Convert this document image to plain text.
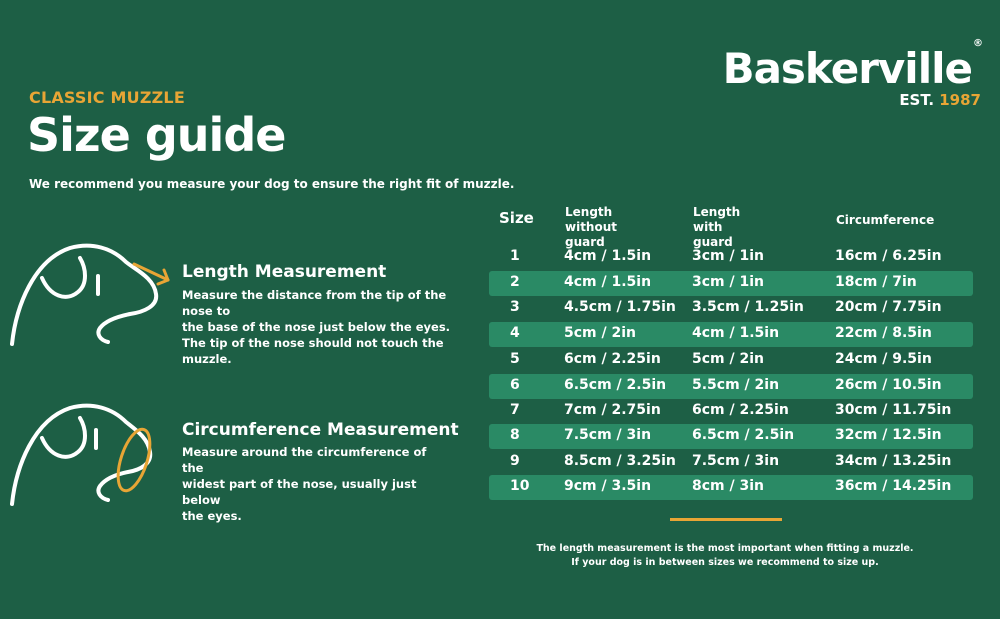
CLASSIC MUZZLE
Size guide
We recommend you measure your dog to ensure the right fit of muzzle.
Baskerville®
EST. 1987
Length Measurement
Measure the distance from the tip of the nose to
the base of the nose just below the eyes.
The tip of the nose should not touch the muzzle.
Circumference Measurement
Measure around the circumference of the
widest part of the nose, usually just below
the eyes.
Size	Length without
guard
Length with
guard
Circumference
1	4cm / 1.5in	3cm / 1in	16cm / 6.25in
2	4cm / 1.5in	3cm / 1in	18cm / 7in
3	4.5cm / 1.75in 3.5cm / 1.25in 20cm / 7.75in
4	5cm / 2in	4cm / 1.5in	22cm / 8.5in
5	6cm / 2.25in 5cm / 2in	24cm / 9.5in
6	6.5cm / 2.5in 5.5cm / 2in	26cm / 10.5in
7	7cm / 2.75in 6cm / 2.25in	30cm / 11.75in
8	7.5cm / 3in	6.5cm / 2.5in	32cm / 12.5in
9	8.5cm / 3.25in 7.5cm / 3in	34cm / 13.25in
10 9cm / 3.5in	8cm / 3in	36cm / 14.25in
The length measurement is the most important when fitting a muzzle.
If your dog is in between sizes we recommend to size up.
